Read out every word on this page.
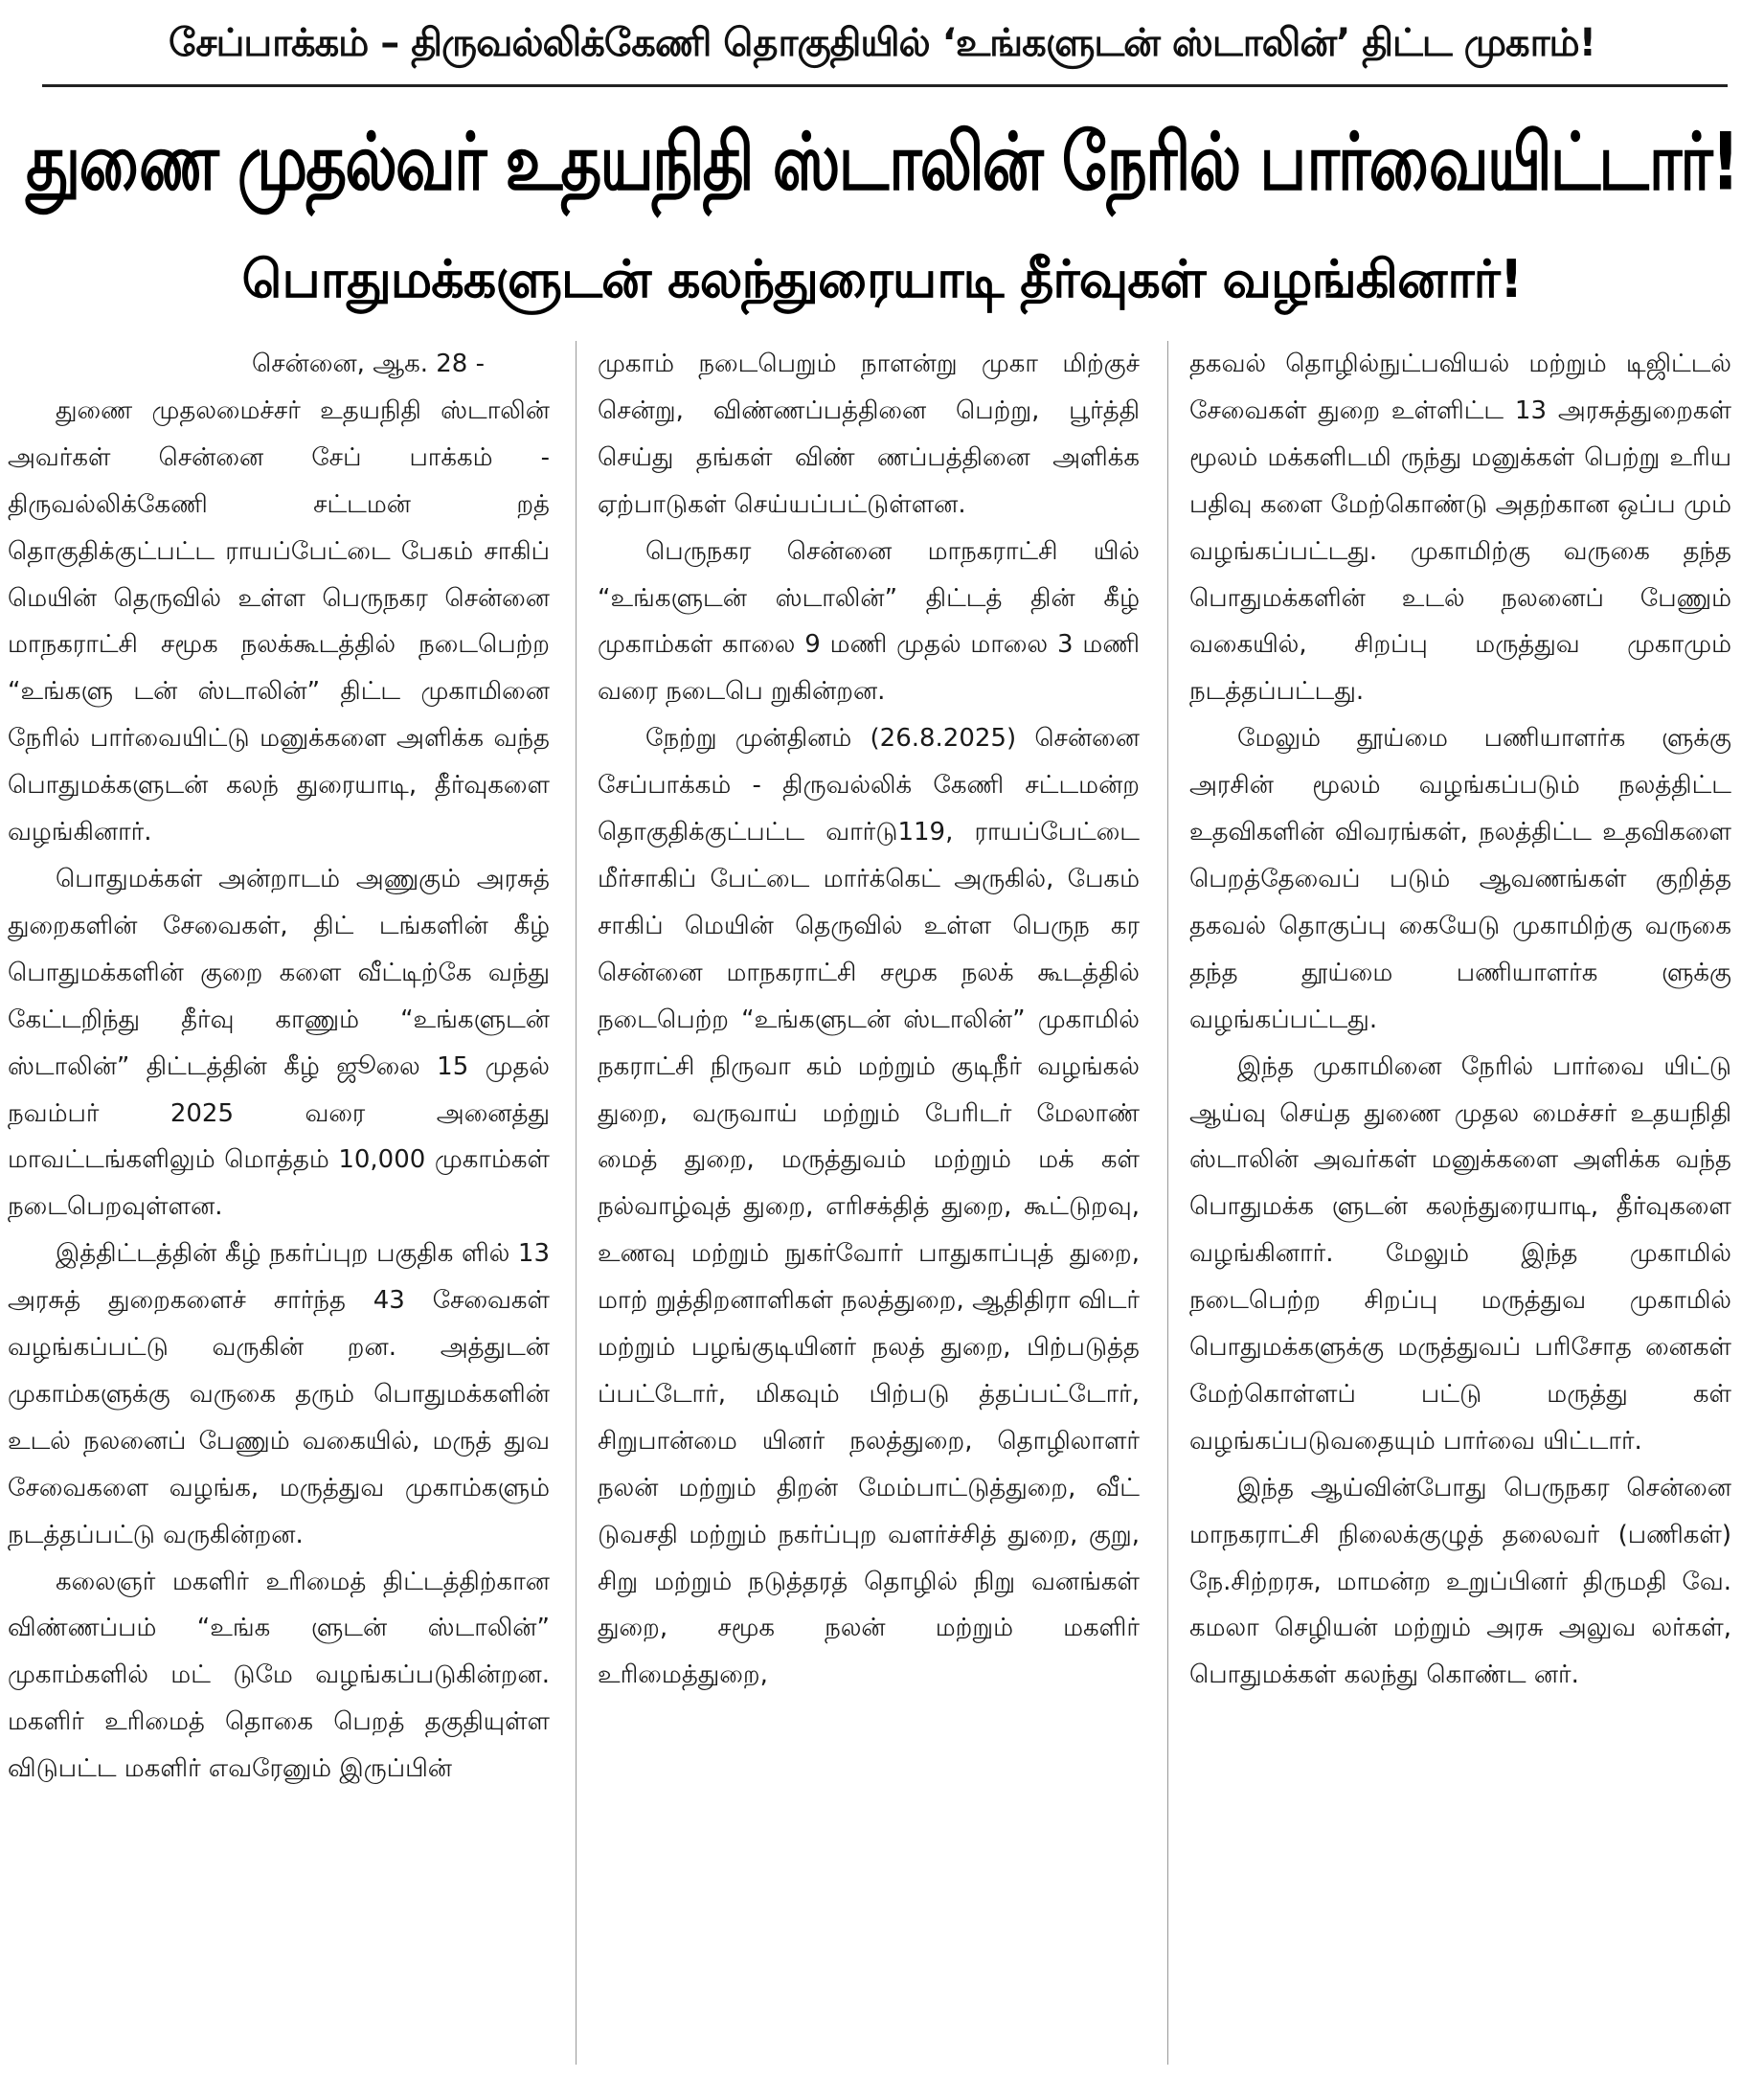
சேப்பாக்கம் – திருவல்லிக்கேணி தொகுதியில் ‘உங்களுடன் ஸ்டாலின்’ திட்ட முகாம்!
துணை முதல்வர் உதயநிதி ஸ்டாலின் நேரில் பார்வையிட்டார்!
பொதுமக்களுடன் கலந்துரையாடி தீர்வுகள் வழங்கினார்!

சென்னை, ஆக. 28 -

துணை முதலமைச்சர் உதயநிதி ஸ்டாலின் அவர்கள் சென்னை சேப் பாக்கம் - திருவல்லிக்கேணி சட்டமன் றத் தொகுதிக்குட்பட்ட ராயப்பேட்டை பேகம் சாகிப் மெயின் தெருவில் உள்ள பெருநகர சென்னை மாநகராட்சி சமூக நலக்கூடத்தில் நடைபெற்ற “உங்களு டன் ஸ்டாலின்” திட்ட முகாமினை நேரில் பார்வையிட்டு மனுக்களை அளிக்க வந்த பொதுமக்களுடன் கலந் துரையாடி, தீர்வுகளை வழங்கினார்.

பொதுமக்கள் அன்றாடம் அணுகும் அரசுத் துறைகளின் சேவைகள், திட் டங்களின் கீழ் பொதுமக்களின் குறை களை வீட்டிற்கே வந்து கேட்டறிந்து தீர்வு காணும் “உங்களுடன் ஸ்டாலின்” திட்டத்தின் கீழ் ஜூலை 15 முதல் நவம்பர் 2025 வரை அனைத்து மாவட்டங்களிலும் மொத்தம் 10,000 முகாம்கள் நடைபெறவுள்ளன.

இத்திட்டத்தின் கீழ் நகர்ப்புற பகுதிக ளில் 13 அரசுத் துறைகளைச் சார்ந்த 43 சேவைகள் வழங்கப்பட்டு வருகின் றன. அத்துடன் முகாம்களுக்கு வருகை தரும் பொதுமக்களின் உடல் நலனைப் பேணும் வகையில், மருத் துவ சேவைகளை வழங்க, மருத்துவ முகாம்களும் நடத்தப்பட்டு வருகின்றன.

கலைஞர் மகளிர் உரிமைத் திட்டத்திற்கான விண்ணப்பம் “உங்க ளுடன் ஸ்டாலின்” முகாம்களில் மட் டுமே வழங்கப்படுகின்றன. மகளிர் உரிமைத் தொகை பெறத் தகுதியுள்ள விடுபட்ட மகளிர் எவரேனும் இருப்பின்

முகாம் நடைபெறும் நாளன்று முகா மிற்குச் சென்று, விண்ணப்பத்தினை பெற்று, பூர்த்தி செய்து தங்கள் விண் ணப்பத்தினை அளிக்க ஏற்பாடுகள் செய்யப்பட்டுள்ளன.

பெருநகர சென்னை மாநகராட்சி யில் “உங்களுடன் ஸ்டாலின்” திட்டத் தின் கீழ் முகாம்கள் காலை 9 மணி முதல் மாலை 3 மணி வரை நடைபெ றுகின்றன.

நேற்று முன்தினம் (26.8.2025) சென்னை சேப்பாக்கம் - திருவல்லிக் கேணி சட்டமன்ற தொகுதிக்குட்பட்ட வார்டு119, ராயப்பேட்டை மீர்சாகிப் பேட்டை மார்க்கெட் அருகில், பேகம் சாகிப் மெயின் தெருவில் உள்ள பெருந கர சென்னை மாநகராட்சி சமூக நலக் கூடத்தில் நடைபெற்ற “உங்களுடன் ஸ்டாலின்” முகாமில் நகராட்சி நிருவா கம் மற்றும் குடிநீர் வழங்கல் துறை, வருவாய் மற்றும் பேரிடர் மேலாண் மைத் துறை, மருத்துவம் மற்றும் மக் கள் நல்வாழ்வுத் துறை, எரிசக்தித் துறை, கூட்டுறவு, உணவு மற்றும் நுகர்வோர் பாதுகாப்புத் துறை, மாற் றுத்திறனாளிகள் நலத்துறை, ஆதிதிரா விடர் மற்றும் பழங்குடியினர் நலத் துறை, பிற்படுத்த ப்பட்டோர், மிகவும் பிற்படு த்தப்பட்டோர், சிறுபான்மை யினர் நலத்துறை, தொழிலாளர் நலன் மற்றும் திறன் மேம்பாட்டுத்துறை, வீட் டுவசதி மற்றும் நகர்ப்புற வளர்ச்சித் துறை, குறு, சிறு மற்றும் நடுத்தரத் தொழில் நிறு வனங்கள் துறை, சமூக நலன் மற்றும் மகளிர் உரிமைத்துறை,

தகவல் தொழில்நுட்பவியல் மற்றும் டிஜிட்டல் சேவைகள் துறை உள்ளிட்ட 13 அரசுத்துறைகள் மூலம் மக்களிடமி ருந்து மனுக்கள் பெற்று உரிய பதிவு களை மேற்கொண்டு அதற்கான ஒப்ப மும் வழங்கப்பட்டது. முகாமிற்கு வருகை தந்த பொதுமக்களின் உடல் நலனைப் பேணும் வகையில், சிறப்பு மருத்துவ முகாமும் நடத்தப்பட்டது.

மேலும் தூய்மை பணியாளர்க ளுக்கு அரசின் மூலம் வழங்கப்படும் நலத்திட்ட உதவிகளின் விவரங்கள், நலத்திட்ட உதவிகளை பெறத்தேவைப் படும் ஆவணங்கள் குறித்த தகவல் தொகுப்பு கையேடு முகாமிற்கு வருகை தந்த தூய்மை பணியாளர்க ளுக்கு வழங்கப்பட்டது.

இந்த முகாமினை நேரில் பார்வை யிட்டு ஆய்வு செய்த துணை முதல மைச்சர் உதயநிதி ஸ்டாலின் அவர்கள் மனுக்களை அளிக்க வந்த பொதுமக்க ளுடன் கலந்துரையாடி, தீர்வுகளை வழங்கினார். மேலும் இந்த முகாமில் நடைபெற்ற சிறப்பு மருத்துவ முகாமில் பொதுமக்களுக்கு மருத்துவப் பரிசோத னைகள் மேற்கொள்ளப் பட்டு மருத்து கள் வழங்கப்படுவதையும் பார்வை யிட்டார்.

இந்த ஆய்வின்போது பெருநகர சென்னை மாநகராட்சி நிலைக்குழுத் தலைவர் (பணிகள்) நே.சிற்றரசு, மாமன்ற உறுப்பினர் திருமதி வே. கமலா செழியன் மற்றும் அரசு அலுவ லர்கள், பொதுமக்கள் கலந்து கொண்ட னர்.
